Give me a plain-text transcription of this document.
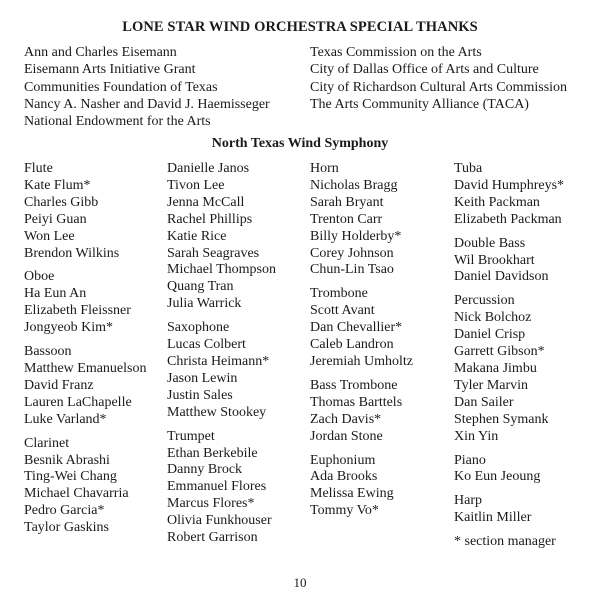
LONE STAR WIND ORCHESTRA SPECIAL THANKS
Ann and Charles Eisemann
Eisemann Arts Initiative Grant
Communities Foundation of Texas
Nancy A. Nasher and David J. Haemisseger
National Endowment for the Arts
Texas Commission on the Arts
City of Dallas Office of Arts and Culture
City of Richardson Cultural Arts Commission
The Arts Community Alliance (TACA)
North Texas Wind Symphony
Flute
Kate Flum*
Charles Gibb
Peiyi Guan
Won Lee
Brendon Wilkins
Oboe
Ha Eun An
Elizabeth Fleissner
Jongyeob Kim*
Bassoon
Matthew Emanuelson
David Franz
Lauren LaChapelle
Luke Varland*
Clarinet
Besnik Abrashi
Ting-Wei Chang
Michael Chavarria
Pedro Garcia*
Taylor Gaskins
Danielle Janos
Tivon Lee
Jenna McCall
Rachel Phillips
Katie Rice
Sarah Seagraves
Michael Thompson
Quang Tran
Julia Warrick
Saxophone
Lucas Colbert
Christa Heimann*
Jason Lewin
Justin Sales
Matthew Stookey
Trumpet
Ethan Berkebile
Danny Brock
Emmanuel Flores
Marcus Flores*
Olivia Funkhouser
Robert Garrison
Horn
Nicholas Bragg
Sarah Bryant
Trenton Carr
Billy Holderby*
Corey Johnson
Chun-Lin Tsao
Trombone
Scott Avant
Dan Chevallier*
Caleb Landron
Jeremiah Umholtz
Bass Trombone
Thomas Barttels
Zach Davis*
Jordan Stone
Euphonium
Ada Brooks
Melissa Ewing
Tommy Vo*
Tuba
David Humphreys*
Keith Packman
Elizabeth Packman
Double Bass
Wil Brookhart
Daniel Davidson
Percussion
Nick Bolchoz
Daniel Crisp
Garrett Gibson*
Makana Jimbu
Tyler Marvin
Dan Sailer
Stephen Symank
Xin Yin
Piano
Ko Eun Jeoung
Harp
Kaitlin Miller
* section manager
10
